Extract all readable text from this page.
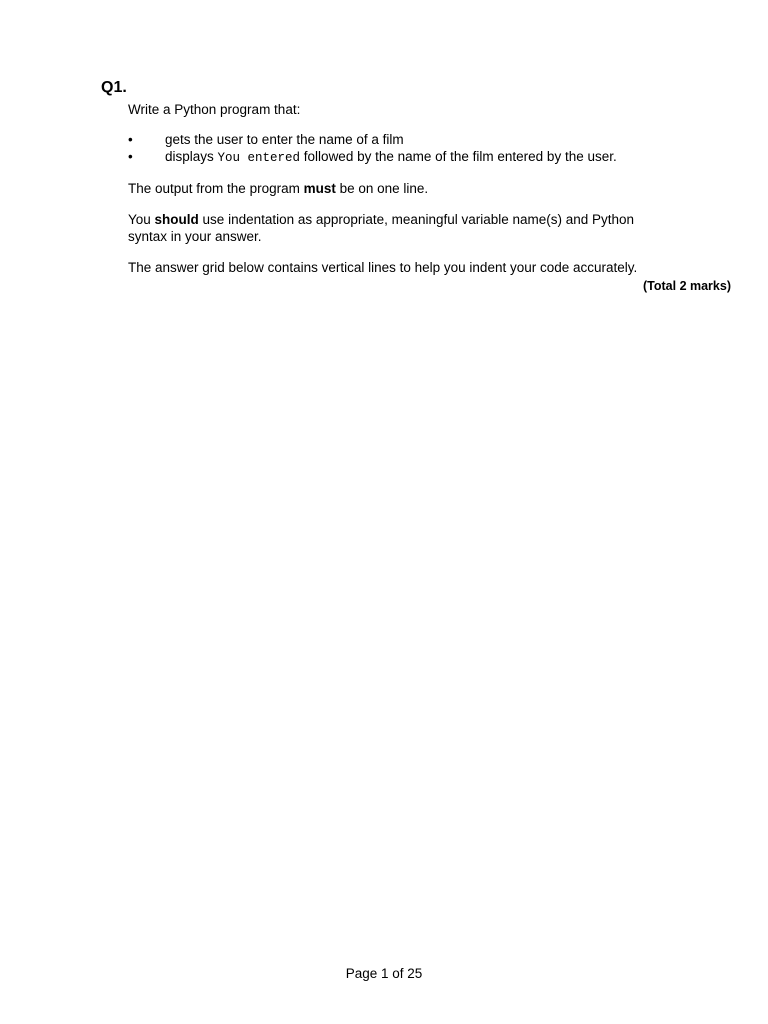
Q1.
Write a Python program that:
• gets the user to enter the name of a film
• displays You entered followed by the name of the film entered by the user.
The output from the program must be on one line.
You should use indentation as appropriate, meaningful variable name(s) and Python syntax in your answer.
The answer grid below contains vertical lines to help you indent your code accurately.
(Total 2 marks)
Page 1 of 25
